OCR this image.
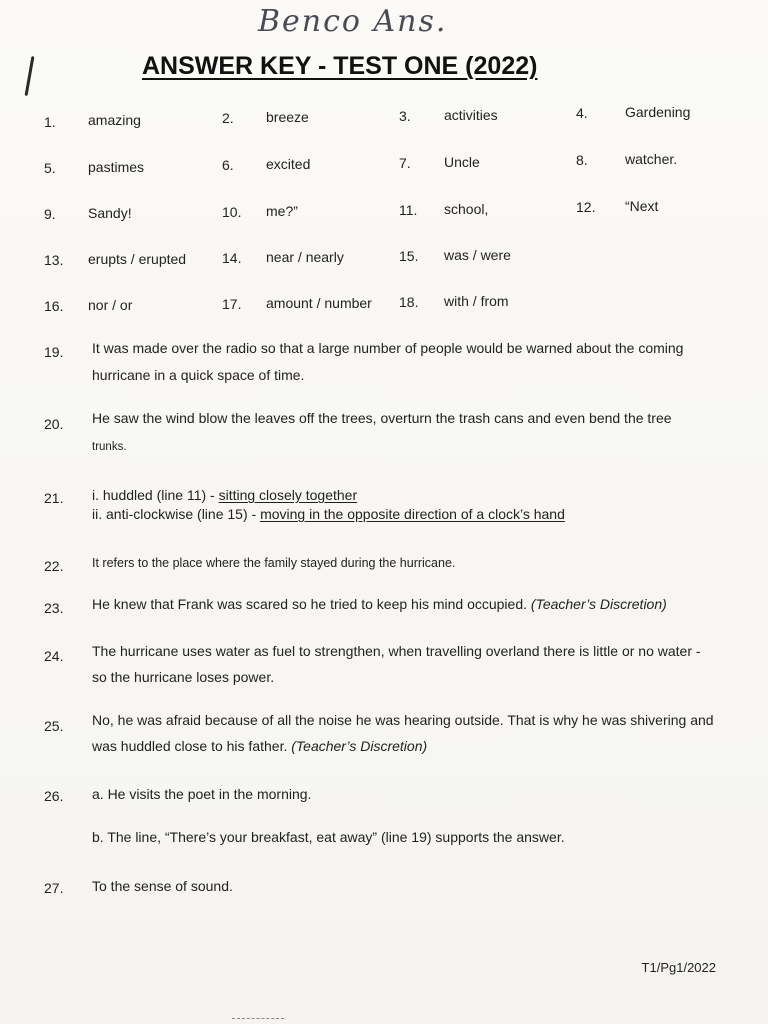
Benco Ans.
ANSWER KEY - TEST ONE (2022)
1. amazing	2. breeze	3. activities	4.	Gardening
5. pastimes	6. excited	7. Uncle	8.	watcher.
9. Sandy!	10. me?”	11. school,	12. “Next
13. erupts / erupted	14. near / nearly	15. was / were
16. nor / or	17. amount / number 18. with / from
19. It was made over the radio so that a large number of people would be warned about the coming
hurricane in a quick space of time.
20. He saw the wind blow the leaves off the trees, overturn the trash cans and even bend the tree
trunks.
21. i. huddled (line 11) - sitting closely together
ii. anti-clockwise (line 15) - moving in the opposite direction of a clock’s hand
22. It refers to the place where the family stayed during the hurricane.
23. He knew that Frank was scared so he tried to keep his mind occupied. (Teacher’s Discretion)
24. The hurricane uses water as fuel to strengthen, when travelling overland there is little or no water -
so the hurricane loses power.
25. No, he was afraid because of all the noise he was hearing outside. That is why he was shivering and
was huddled close to his father. (Teacher’s Discretion)
26. a. He visits the poet in the morning.
b. The line, “There’s your breakfast, eat away” (line 19) supports the answer.
27. To the sense of sound.
T1/Pg1/2022
